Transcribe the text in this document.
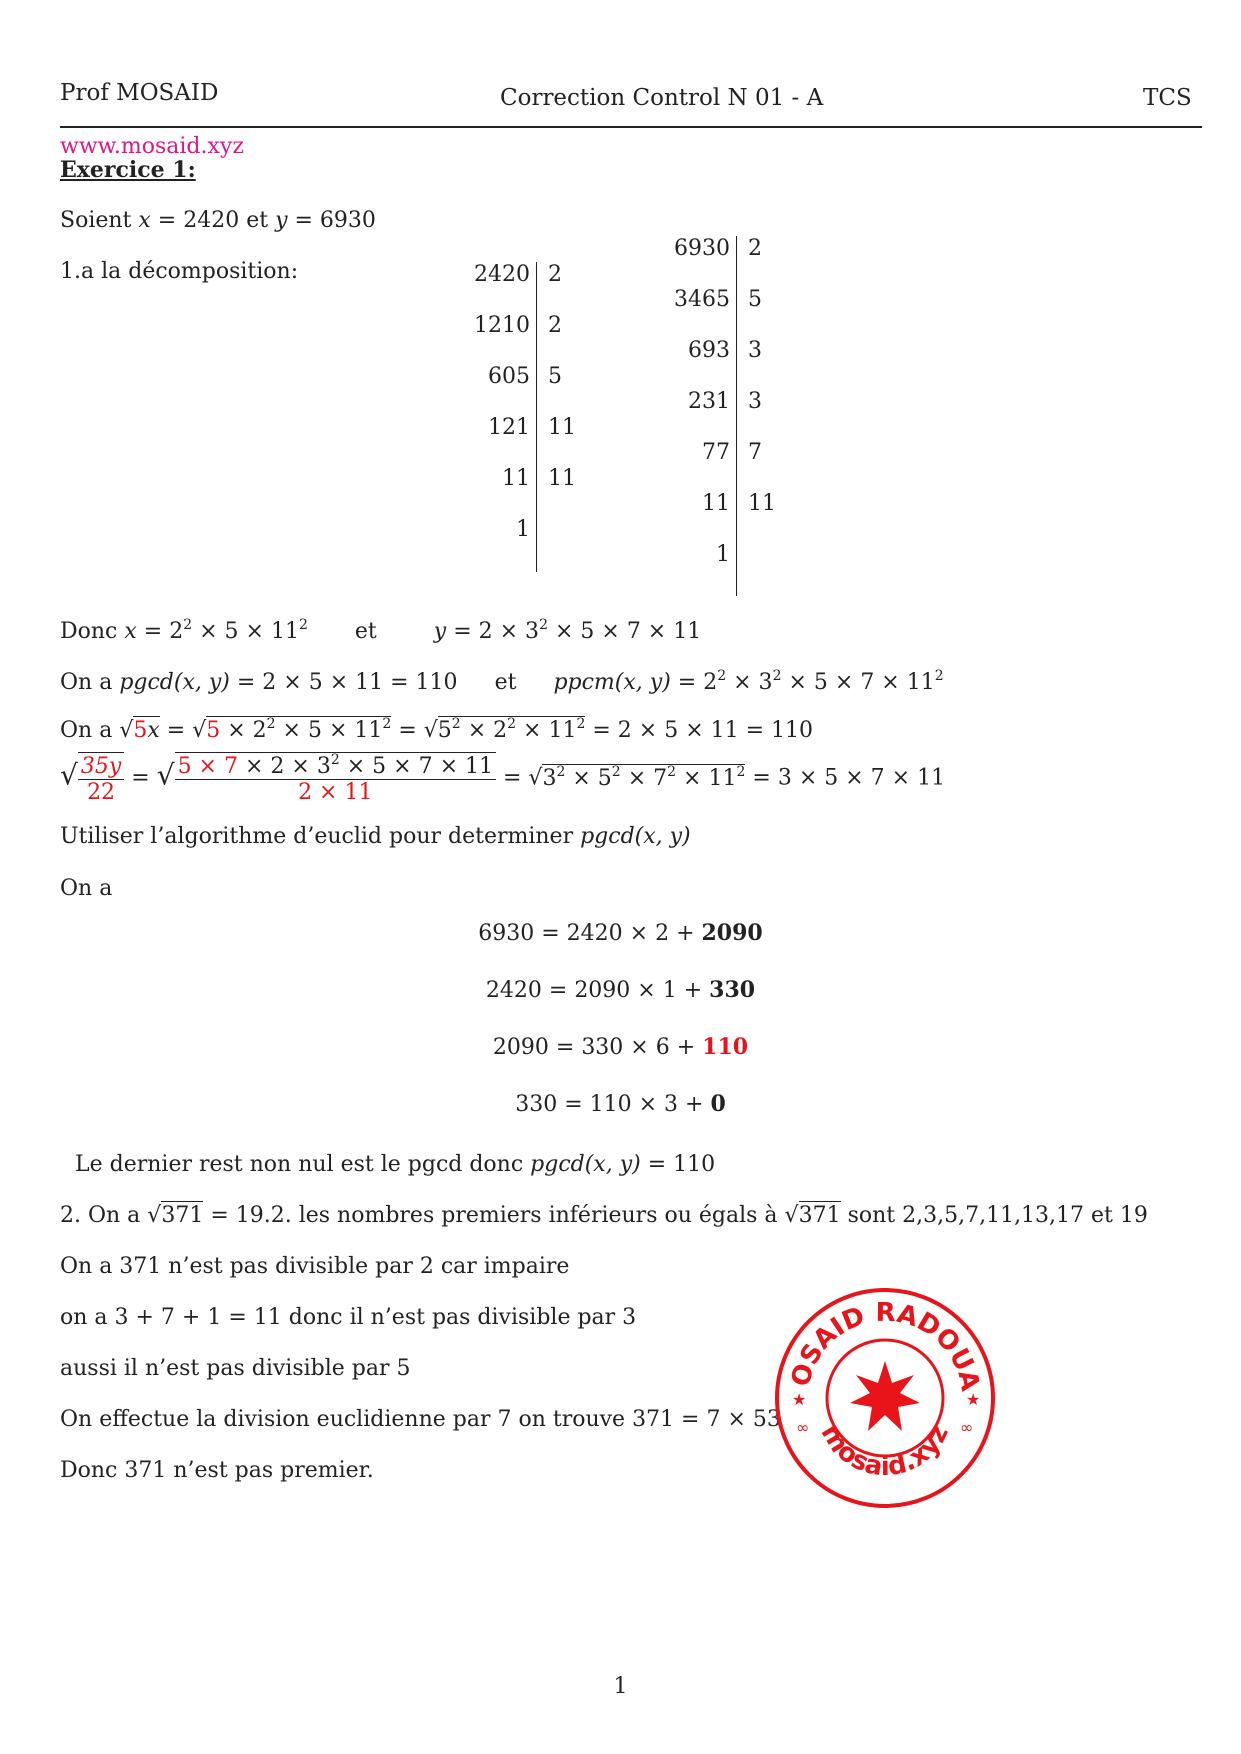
Prof MOSAID	Correction Control N 01 - A	TCS
www.mosaid.xyz
Exercice 1:
Soient x = 2420 et y = 6930
1.a la décomposition:	2420 2
1210 2
605 5
121 11
11 11
1
6930 2
3465 5
693 3
231 3
77 7
11 11
1
Donc $x = 2^2 \times 5 \times 11^2$ et	$y = 2 \times 3^2 \times 5 \times 7 \times 11$
On a pgcd(x, y) = 2 × 5 × 11 = 110 et ppcm(x, $y) = 2^2 \times 3^2 \times 5 \times 7 \times 11^2$
On a $√5x = √5 \times 2^2 \times 5 \times 11^2 = √5^2 \times 2^2 \times 11^2 = 2 \times 5 \times 11 = 110$
√ $\frac{35y}{22}$ = √ $\frac{5 \times 7 \times 2 \times 3^2 \times 5 \times 7 \times 11}{2 \times 11} = √3^2 \times 5^2 \times 7^2 \times 11^2 = 3 \times 5 \times 7 \times 11$
Utiliser l’algorithme d’euclid pour determiner pgcd(x, y)
On a
6930 = 2420 × 2 + 2090
2420 = 2090 × 1 + 330
2090 = 330 × 6 + 110
330 = 110 × 3 + 0
Le dernier rest non nul est le pgcd donc pgcd(x, y) = 110
2. On a √371 = 19.2. les nombres premiers inférieurs ou égals à √371 sont 2,3,5,7,11,13,17 et 19
On a 371 n’est pas divisible par 2 car impaire
on a 3 + 7 + 1 = 11 donc il n’est pas divisible par 3
aussi il n’est pas divisible par 5
On effectue la division euclidienne par 7 on trouve 371 = 7 × 53
Donc 371 n’est pas premier.
OSAID RADOUA
mosaid.xyz
★	★
∞	∞
1
